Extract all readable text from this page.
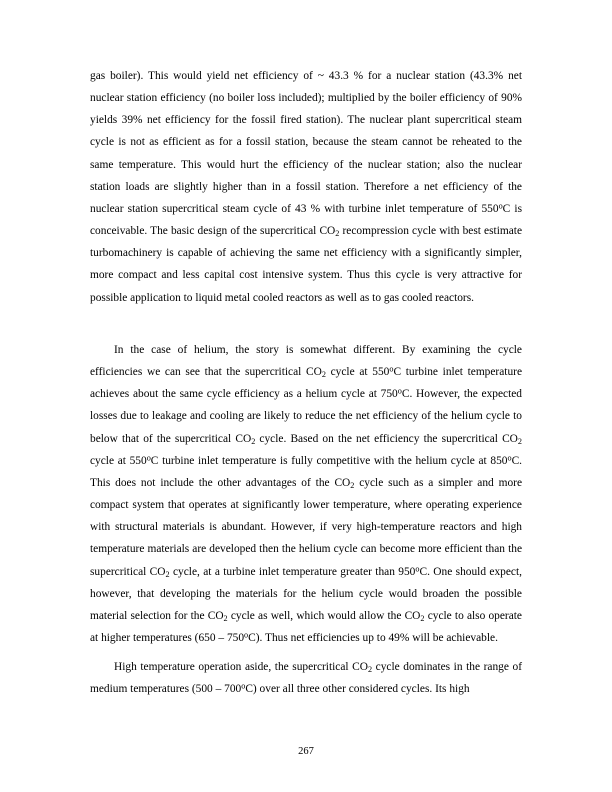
gas boiler). This would yield net efficiency of ~ 43.3 % for a nuclear station (43.3% net nuclear station efficiency (no boiler loss included); multiplied by the boiler efficiency of 90% yields 39% net efficiency for the fossil fired station). The nuclear plant supercritical steam cycle is not as efficient as for a fossil station, because the steam cannot be reheated to the same temperature. This would hurt the efficiency of the nuclear station; also the nuclear station loads are slightly higher than in a fossil station. Therefore a net efficiency of the nuclear station supercritical steam cycle of 43 % with turbine inlet temperature of 550$^o$C is conceivable. The basic design of the supercritical $CO_2$ recompression cycle with best estimate turbomachinery is capable of achieving the same net efficiency with a significantly simpler, more compact and less capital cost intensive system. Thus this cycle is very attractive for possible application to liquid metal cooled reactors as well as to gas cooled reactors.

In the case of helium, the story is somewhat different. By examining the cycle efficiencies we can see that the supercritical $CO_2$ cycle at 550$^o$C turbine inlet temperature achieves about the same cycle efficiency as a helium cycle at 750$^o$C. However, the expected losses due to leakage and cooling are likely to reduce the net efficiency of the helium cycle to below that of the supercritical $CO_2$ cycle. Based on the net efficiency the supercritical $CO_2$ cycle at 550$^o$C turbine inlet temperature is fully competitive with the helium cycle at 850$^o$C. This does not include the other advantages of the $CO_2$ cycle such as a simpler and more compact system that operates at significantly lower temperature, where operating experience with structural materials is abundant. However, if very high-temperature reactors and high temperature materials are developed then the helium cycle can become more efficient than the supercritical $CO_2$ cycle, at a turbine inlet temperature greater than 950$^o$C. One should expect, however, that developing the materials for the helium cycle would broaden the possible material selection for the $CO_2$ cycle as well, which would allow the $CO_2$ cycle to also operate at higher temperatures (650 – 750$^o$C). Thus net efficiencies up to 49% will be achievable.

High temperature operation aside, the supercritical $CO_2$ cycle dominates in the range of medium temperatures (500 – 700$^o$C) over all three other considered cycles. Its high

267
